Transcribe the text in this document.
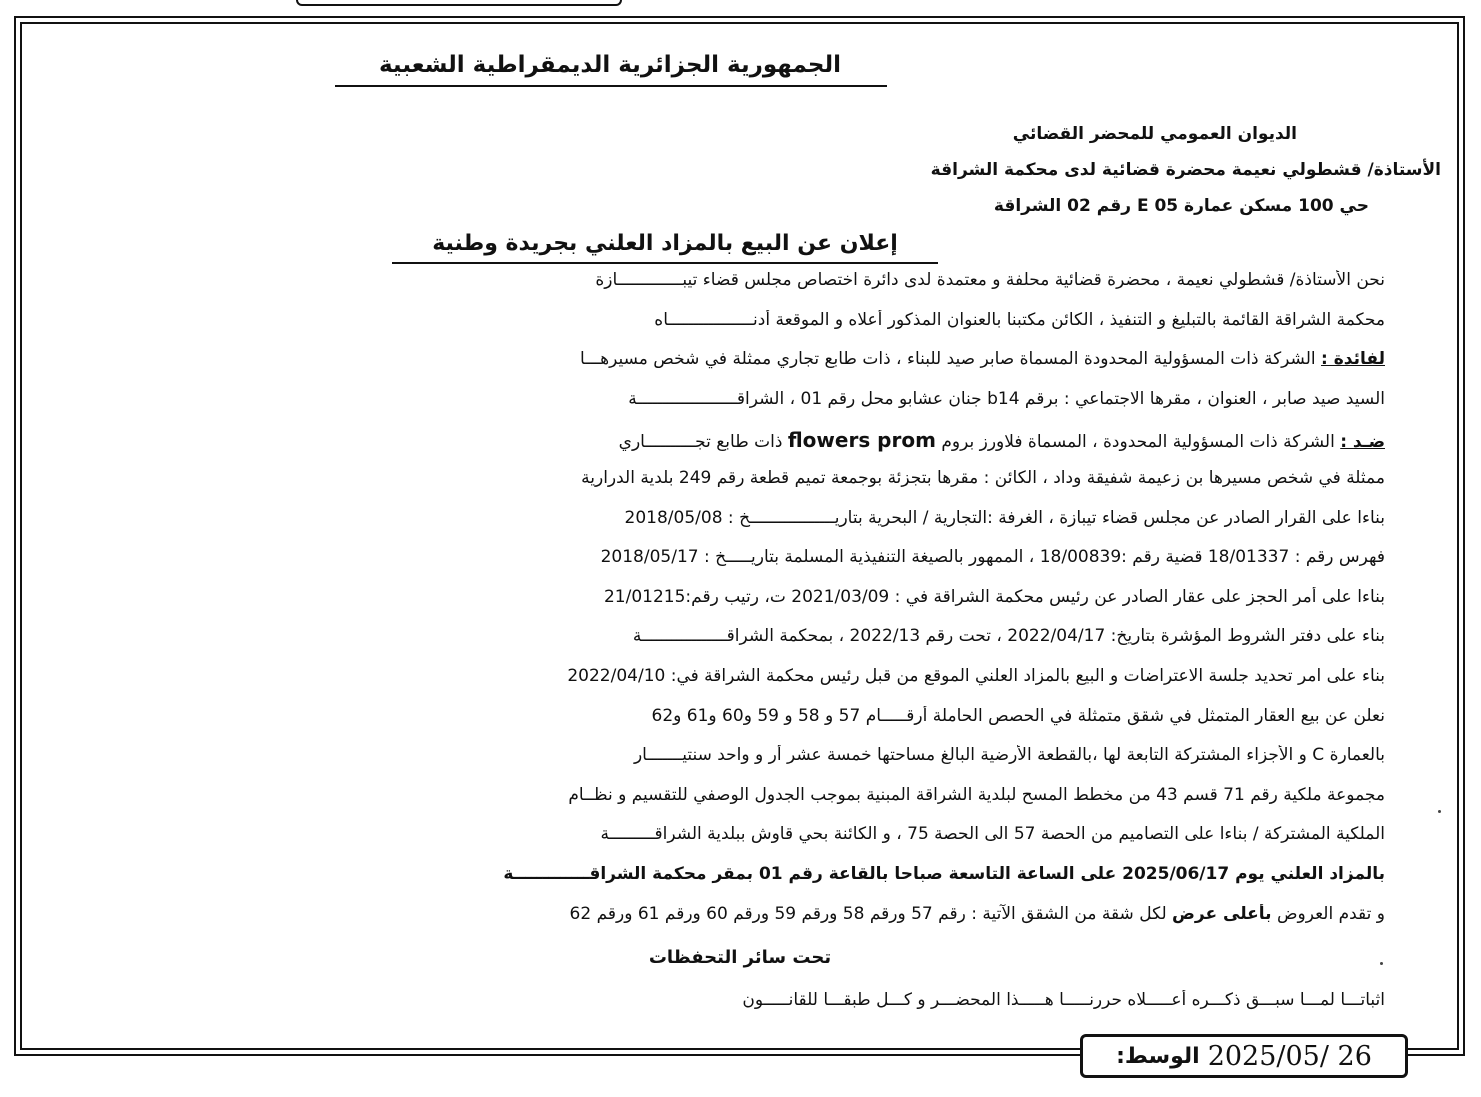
الجمهورية الجزائرية الديمقراطية الشعبية
الديوان العمومي للمحضر القضائي
الأستاذة/ قشطولي نعيمة محضرة قضائية لدى محكمة الشراقة
حي 100 مسكن عمارة E 05 رقم 02 الشراقة
إعلان عن البيع بالمزاد العلني بجريدة وطنية
نحن الأستاذة/ قشطولي نعيمة ، محضرة قضائية محلفة و معتمدة لدى دائرة اختصاص مجلس قضاء تيبـــــــــــــازة
محكمة الشراقة القائمة بالتبليغ و التنفيذ ، الكائن مكتبنا بالعنوان المذكور أعلاه و الموقعة أدنـــــــــــــــــاه
لفائدة : الشركة ذات المسؤولية المحدودة المسماة صابر صيد للبناء ، ذات طابع تجاري ممثلة في شخص مسيرهـــا
السيد صيد صابر ، العنوان ، مقرها الاجتماعي : برقم b14 جنان عشابو محل رقم 01 ، الشراقــــــــــــــــــــة
ضـد : الشركة ذات المسؤولية المحدودة ، المسماة فلاورز بروم flowers prom ذات طابع تجــــــــــاري
ممثلة في شخص مسيرها بن زعيمة شفيقة وداد ، الكائن : مقرها بتجزئة بوجمعة تميم قطعة رقم 249 بلدية الدرارية
بناءا على القرار الصادر عن مجلس قضاء تيبازة ، الغرفة :التجارية / البحرية بتاريـــــــــــــــــخ : 2018/05/08
فهرس رقم : 18/01337 قضية رقم :18/00839 ، الممهور بالصيغة التنفيذية المسلمة بتاريـــــخ : 2018/05/17
بناءا على أمر الحجز على عقار الصادر عن رئيس محكمة الشراقة في : 2021/03/09 ت، رتيب رقم:21/01215
بناء على دفتر الشروط المؤشرة بتاريخ: 2022/04/17 ، تحت رقم 2022/13 ، بمحكمة الشراقـــــــــــــــــة
بناء على امر تحديد جلسة الاعتراضات و البيع بالمزاد العلني الموقع من قبل رئيس محكمة الشراقة في: 2022/04/10
نعلن عن بيع العقار المتمثل في شقق متمثلة في الحصص الحاملة أرقـــــام 57 و 58 و 59 و60 و61 و62
بالعمارة C و الأجزاء المشتركة التابعة لها ،بالقطعة الأرضية البالغ مساحتها خمسة عشر أر و واحد سنتيـــــــار
مجموعة ملكية رقم 71 قسم 43 من مخطط المسح لبلدية الشراقة المبنية بموجب الجدول الوصفي للتقسيم و نظــام
الملكية المشتركة / بناءا على التصاميم من الحصة 57 الى الحصة 75 ، و الكائنة بحي قاوش ببلدية الشراقـــــــــة
بالمزاد العلني يوم 2025/06/17 على الساعة التاسعة صباحا بالقاعة رقم 01 بمقر محكمة الشراقـــــــــــــة
و تقدم العروض بأعلى عرض لكل شقة من الشقق الآتية : رقم 57 ورقم 58 ورقم 59 ورقم 60 ورقم 61 ورقم 62
تحت سائر التحفظات
اثباتـــا لمـــا سبـــق ذكـــره أعـــــلاه حررنـــــا هـــــذا المحضـــر و كـــل طبقـــا للقانـــــون
الوسط: 2025/05/ 26
